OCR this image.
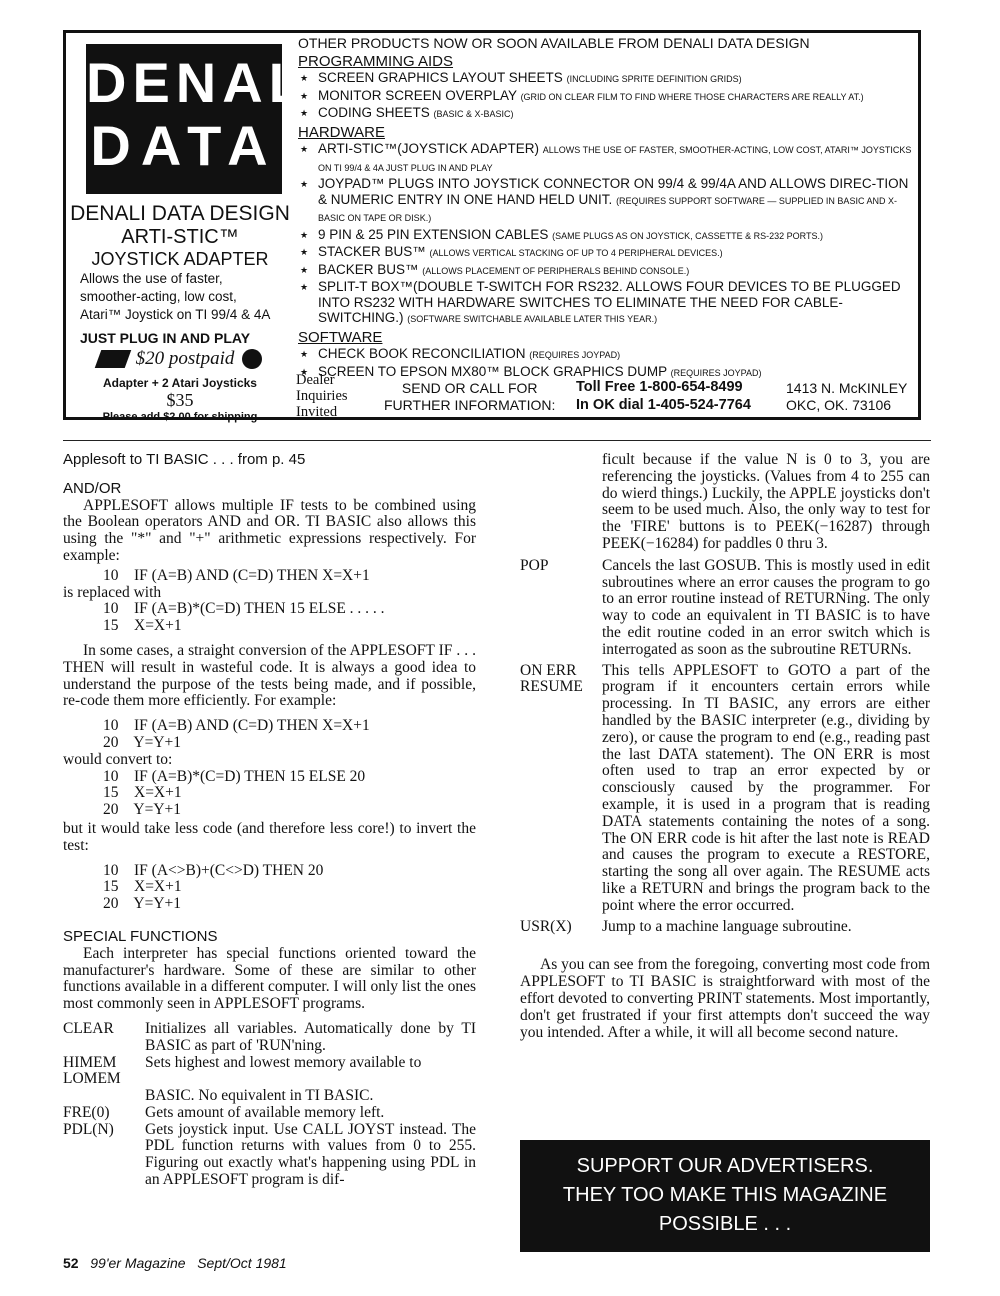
DENALi
DATA
DENALI DATA DESIGN
ARTI-STIC™
JOYSTICK ADAPTER
Allows the use of faster,
smoother-acting, low cost,
Atari™ Joystick on TI 99/4 & 4A
JUST PLUG IN AND PLAY
$20 postpaid
Adapter + 2 Atari Joysticks
$35
Please add $2.00 for shipping
OTHER PRODUCTS NOW OR SOON AVAILABLE FROM DENALI DATA DESIGN
PROGRAMMING AIDS
★ SCREEN GRAPHICS LAYOUT SHEETS (INCLUDING SPRITE DEFINITION GRIDS)
★ MONITOR SCREEN OVERPLAY (GRID ON CLEAR FILM TO FIND WHERE THOSE CHARACTERS ARE REALLY AT.)
★ CODING SHEETS (BASIC & X-BASIC)
HARDWARE
★ ARTI-STIC™(JOYSTICK ADAPTER) ALLOWS THE USE OF FASTER, SMOOTHER-ACTING, LOW COST, ATARI™ JOYSTICKS ON TI 99/4 & 4A JUST PLUG IN AND PLAY
★ JOYPAD™ PLUGS INTO JOYSTICK CONNECTOR ON 99/4 & 99/4A AND ALLOWS DIREC-TION & NUMERIC ENTRY IN ONE HAND HELD UNIT. (REQUIRES SUPPORT SOFTWARE — SUPPLIED IN BASIC AND X-BASIC ON TAPE OR DISK.)
★ 9 PIN & 25 PIN EXTENSION CABLES (SAME PLUGS AS ON JOYSTICK, CASSETTE & RS-232 PORTS.)
★ STACKER BUS™ (ALLOWS VERTICAL STACKING OF UP TO 4 PERIPHERAL DEVICES.)
★ BACKER BUS™ (ALLOWS PLACEMENT OF PERIPHERALS BEHIND CONSOLE.)
★ SPLIT-T BOX™(DOUBLE T-SWITCH FOR RS232. ALLOWS FOUR DEVICES TO BE PLUGGED INTO RS232 WITH HARDWARE SWITCHES TO ELIMINATE THE NEED FOR CABLE-SWITCHING.) (SOFTWARE SWITCHABLE AVAILABLE LATER THIS YEAR.)
SOFTWARE
★ CHECK BOOK RECONCILIATION (REQUIRES JOYPAD)
★ SCREEN TO EPSON MX80™ BLOCK GRAPHICS DUMP (REQUIRES JOYPAD)
Dealer
Inquiries
Invited
SEND OR CALL FOR
FURTHER INFORMATION:
Toll Free 1-800-654-8499
In OK dial 1-405-524-7764
1413 N. McKINLEY
OKC, OK. 73106
Applesoft to TI BASIC . . . from p. 45
AND/OR

APPLESOFT allows multiple IF tests to be combined using the Boolean operators AND and OR. TI BASIC also allows this using the "*" and "+" arithmetic expressions respectively. For example:

10    IF (A=B) AND (C=D) THEN X=X+1
is replaced with
10    IF (A=B)*(C=D) THEN 15 ELSE . . . . .
15    X=X+1

In some cases, a straight conversion of the APPLESOFT IF . . . THEN will result in wasteful code. It is always a good idea to understand the purpose of the tests being made, and if possible, re-code them more efficiently. For example:

10    IF (A=B) AND (C=D) THEN X=X+1
20    Y=Y+1
would convert to:
10    IF (A=B)*(C=D) THEN 15 ELSE 20
15    X=X+1
20    Y=Y+1

but it would take less code (and therefore less core!) to invert the test:

10    IF (A<>B)+(C<>D) THEN 20
15    X=X+1
20    Y=Y+1
SPECIAL FUNCTIONS

Each interpreter has special functions oriented toward the manufacturer's hardware. Some of these are similar to other functions available in a different computer. I will only list the ones most commonly seen in APPLESOFT programs.

CLEAR	Initializes all variables. Automatically done by TI BASIC as part of 'RUN'ning.
HIMEM	Sets highest and lowest memory available to
LOMEM
BASIC. No equivalent in TI BASIC.
FRE(0)	Gets amount of available memory left.
PDL(N)	Gets joystick input. Use CALL JOYST instead. The PDL function returns with values from 0 to 255. Figuring out exactly what's happening using PDL in an APPLESOFT program is dif-

ficult because if the value N is 0 to 3, you are referencing the joysticks. (Values from 4 to 255 can do wierd things.) Luckily, the APPLE joysticks don't seem to be used much. Also, the only way to test for the 'FIRE' buttons is to PEEK(−16287) through PEEK(−16284) for paddles 0 thru 3.

POP	Cancels the last GOSUB. This is mostly used in edit subroutines where an error causes the program to go to an error routine instead of RETURNing. The only way to code an equivalent in TI BASIC is to have the edit routine coded in an error switch which is interrogated as soon as the subroutine RETURNs.
ON ERR
RESUME
This tells APPLESOFT to GOTO a part of the program if it encounters certain errors while processing. In TI BASIC, any errors are either handled by the BASIC interpreter (e.g., dividing by zero), or cause the program to end (e.g., reading past the last DATA statement). The ON ERR is most often used to trap an error expected by or consciously caused by the programmer. For example, it is used in a program that is reading DATA statements containing the notes of a song. The ON ERR code is hit after the last note is READ and causes the program to execute a RESTORE, starting the song all over again. The RESUME acts like a RETURN and brings the program back to the point where the error occurred.
USR(X)	Jump to a machine language subroutine.

As you can see from the foregoing, converting most code from APPLESOFT to TI BASIC is straightforward with most of the effort devoted to converting PRINT statements. Most importantly, don't get frustrated if your first attempts don't succeed the way you intended. After a while, it will all become second nature.

SUPPORT OUR ADVERTISERS.
THEY TOO MAKE THIS MAGAZINE
POSSIBLE . . .
52 99'er Magazine Sept/Oct 1981
